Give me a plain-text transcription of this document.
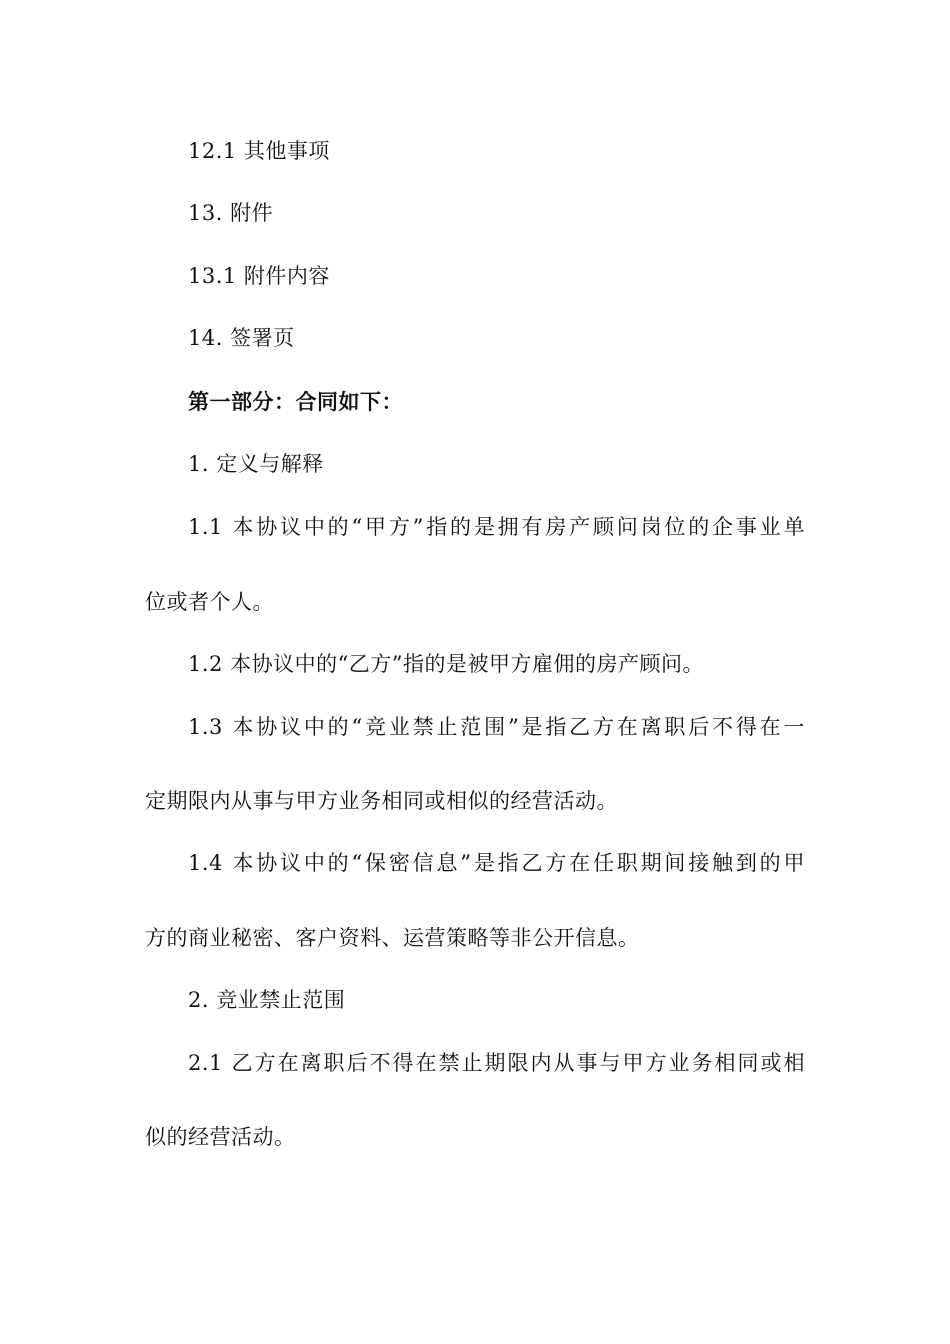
12.1 其他事项
13. 附件
13.1 附件内容
14. 签署页
第一部分：合同如下：
1. 定义与解释
1.1 本协议中的“甲方”指的是拥有房产顾问岗位的企事业单
位或者个人。
1.2 本协议中的“乙方”指的是被甲方雇佣的房产顾问。
1.3 本协议中的“竞业禁止范围”是指乙方在离职后不得在一
定期限内从事与甲方业务相同或相似的经营活动。
1.4 本协议中的“保密信息”是指乙方在任职期间接触到的甲
方的商业秘密、客户资料、运营策略等非公开信息。
2. 竞业禁止范围
2.1 乙方在离职后不得在禁止期限内从事与甲方业务相同或相
似的经营活动。
